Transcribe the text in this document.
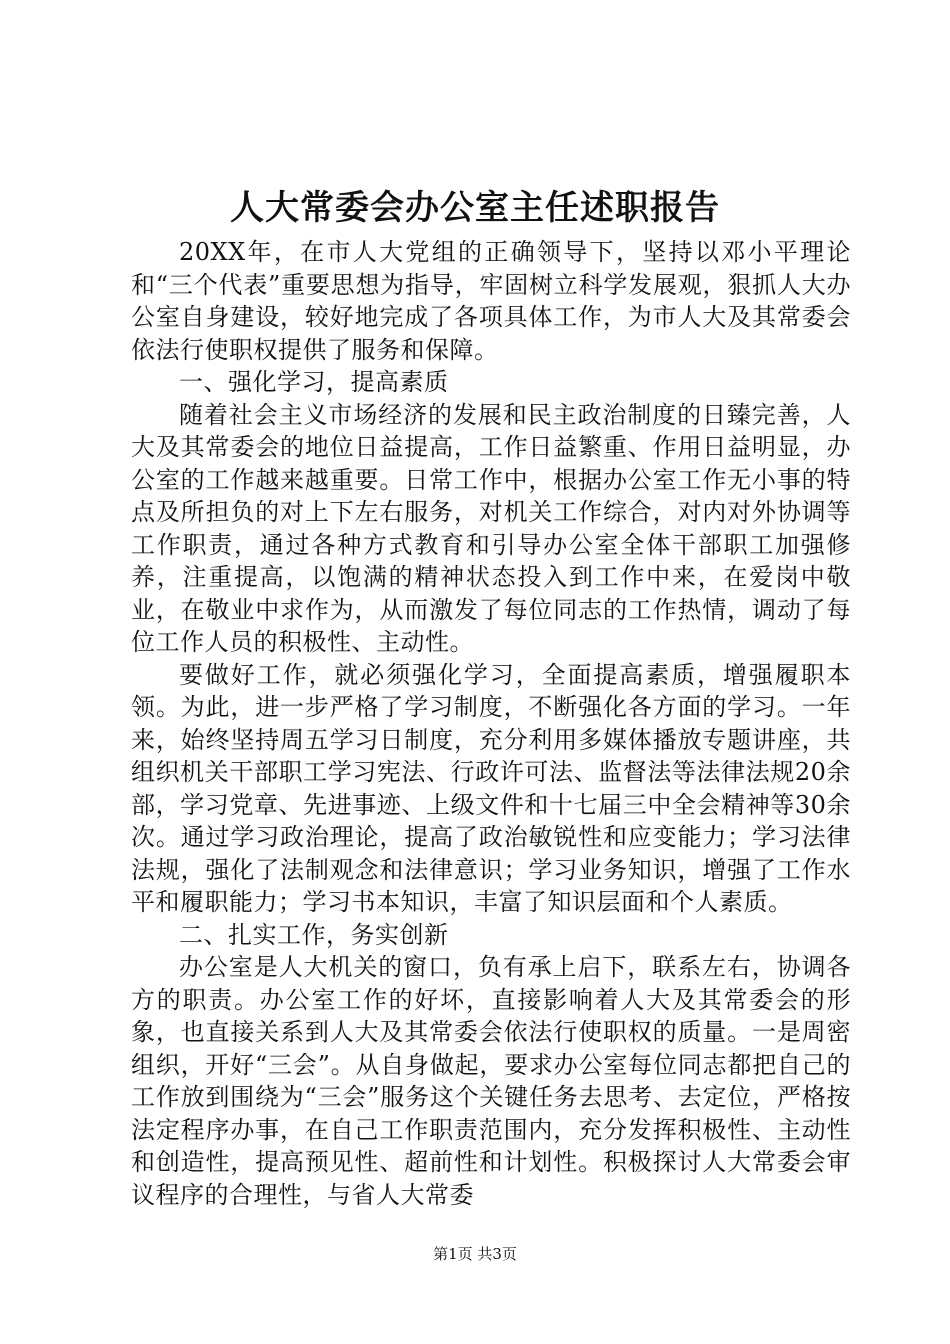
人大常委会办公室主任述职报告

20XX年，在市人大党组的正确领导下，坚持以邓小平理论和“三个代表”重要思想为指导，牢固树立科学发展观，狠抓人大办公室自身建设，较好地完成了各项具体工作，为市人大及其常委会依法行使职权提供了服务和保障。

一、强化学习，提高素质

随着社会主义市场经济的发展和民主政治制度的日臻完善，人大及其常委会的地位日益提高，工作日益繁重、作用日益明显，办公室的工作越来越重要。日常工作中，根据办公室工作无小事的特点及所担负的对上下左右服务，对机关工作综合，对内对外协调等工作职责，通过各种方式教育和引导办公室全体干部职工加强修养，注重提高，以饱满的精神状态投入到工作中来，在爱岗中敬业，在敬业中求作为，从而激发了每位同志的工作热情，调动了每位工作人员的积极性、主动性。

要做好工作，就必须强化学习，全面提高素质，增强履职本领。为此，进一步严格了学习制度，不断强化各方面的学习。一年来，始终坚持周五学习日制度，充分利用多媒体播放专题讲座，共组织机关干部职工学习宪法、行政许可法、监督法等法律法规20余部，学习党章、先进事迹、上级文件和十七届三中全会精神等30余次。通过学习政治理论，提高了政治敏锐性和应变能力；学习法律法规，强化了法制观念和法律意识；学习业务知识，增强了工作水平和履职能力；学习书本知识，丰富了知识层面和个人素质。

二、扎实工作，务实创新

办公室是人大机关的窗口，负有承上启下，联系左右，协调各方的职责。办公室工作的好坏，直接影响着人大及其常委会的形象，也直接关系到人大及其常委会依法行使职权的质量。一是周密组织，开好“三会”。从自身做起，要求办公室每位同志都把自己的工作放到围绕为“三会”服务这个关键任务去思考、去定位，严格按法定程序办事，在自己工作职责范围内，充分发挥积极性、主动性和创造性，提高预见性、超前性和计划性。积极探讨人大常委会审议程序的合理性，与省人大常委

第1页 共3页
